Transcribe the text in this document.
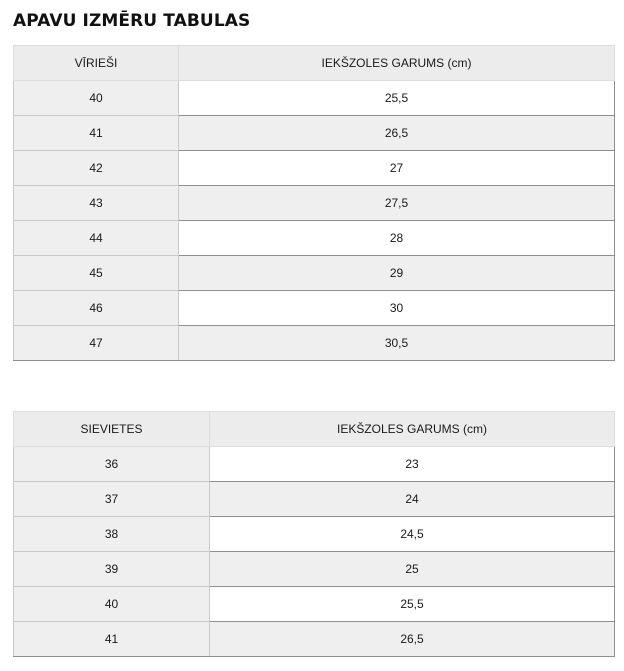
APAVU IZMĒRU TABULAS
VĪRIEŠI	IEKŠZOLES GARUMS (cm)
40	25,5
41	26,5
42	27
43	27,5
44	28
45	29
46	30
47	30,5
SIEVIETES	IEKŠZOLES GARUMS (cm)
36	23
37	24
38	24,5
39	25
40	25,5
41	26,5
